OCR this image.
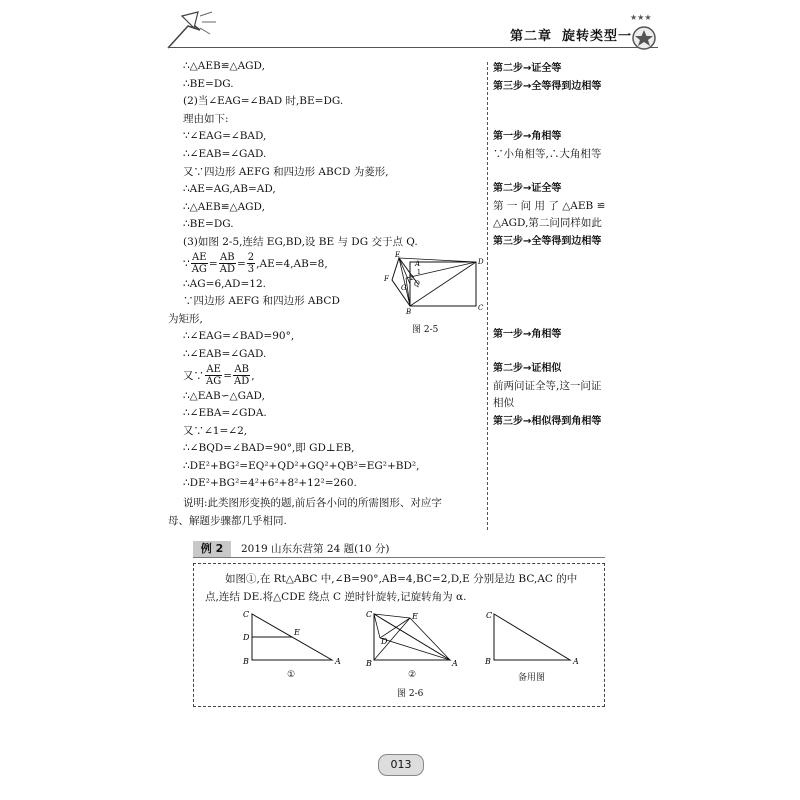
第二章 旋转类型一
★★★
∴△AEB≌△AGD,
∴BE=DG.
(2)当∠EAG=∠BAD 时,BE=DG.
理由如下:
∵∠EAG=∠BAD,
∴∠EAB=∠GAD.
又∵四边形 AEFG 和四边形 ABCD 为菱形,
∴AE=AG,AB=AD,
∴△AEB≌△AGD,
∴BE=DG.
(3)如图 2-5,连结 EG,BD,设 BE 与 DG 交于点 Q.
∵ $\frac{AE}{AG} = \frac{AB}{AD} = \frac{2}{3} ,AE=4,AB=8$,
∴AG=6,AD=12.
∵四边形 AEFG 和四边形 ABCD
为矩形,
∴∠EAG=∠BAD=90°,
∴∠EAB=∠GAD.
又∵ $\frac{AE}{AG} = \frac{AB}{AD}$ ,
∴△EAB∽△GAD,
∴∠EBA=∠GDA.
又∵∠1=∠2,
∴∠BQD=∠BAD=90°,即 GD⊥EB,
∴DE²+BG²=EQ²+QD²+GQ²+QB²=EG²+BD²,
∴DE²+BG²=4²+6²+8²+12²=260.
说明:此类图形变换的题,前后各小问的所需图形、对应字
母、解题步骤都几乎相同.
E
F
G Q
1
2
A
B	C
D
图 2-5
第二步→证全等
第三步→全等得到边相等
第一步→角相等
∵小角相等,∴大角相等
第二步→证全等
第 一 问 用 了 △AEB ≌
△AGD,第二问同样如此
第三步→全等得到边相等
第一步→角相等
第二步→证相似
前两问证全等,这一问证
相似
第三步→相似得到角相等
例 2	2019 山东东营第 24 题(10 分)
如图①,在 Rt△ABC 中,∠B=90°,AB=4,BC=2,D,E 分别是边 BC,AC 的中
点,连结 DE.将△CDE 绕点 C 逆时针旋转,记旋转角为 α.
C
D
B	A
E
①
C	E
D
B	A
②
C
B	A
备用图
图 2-6
013
